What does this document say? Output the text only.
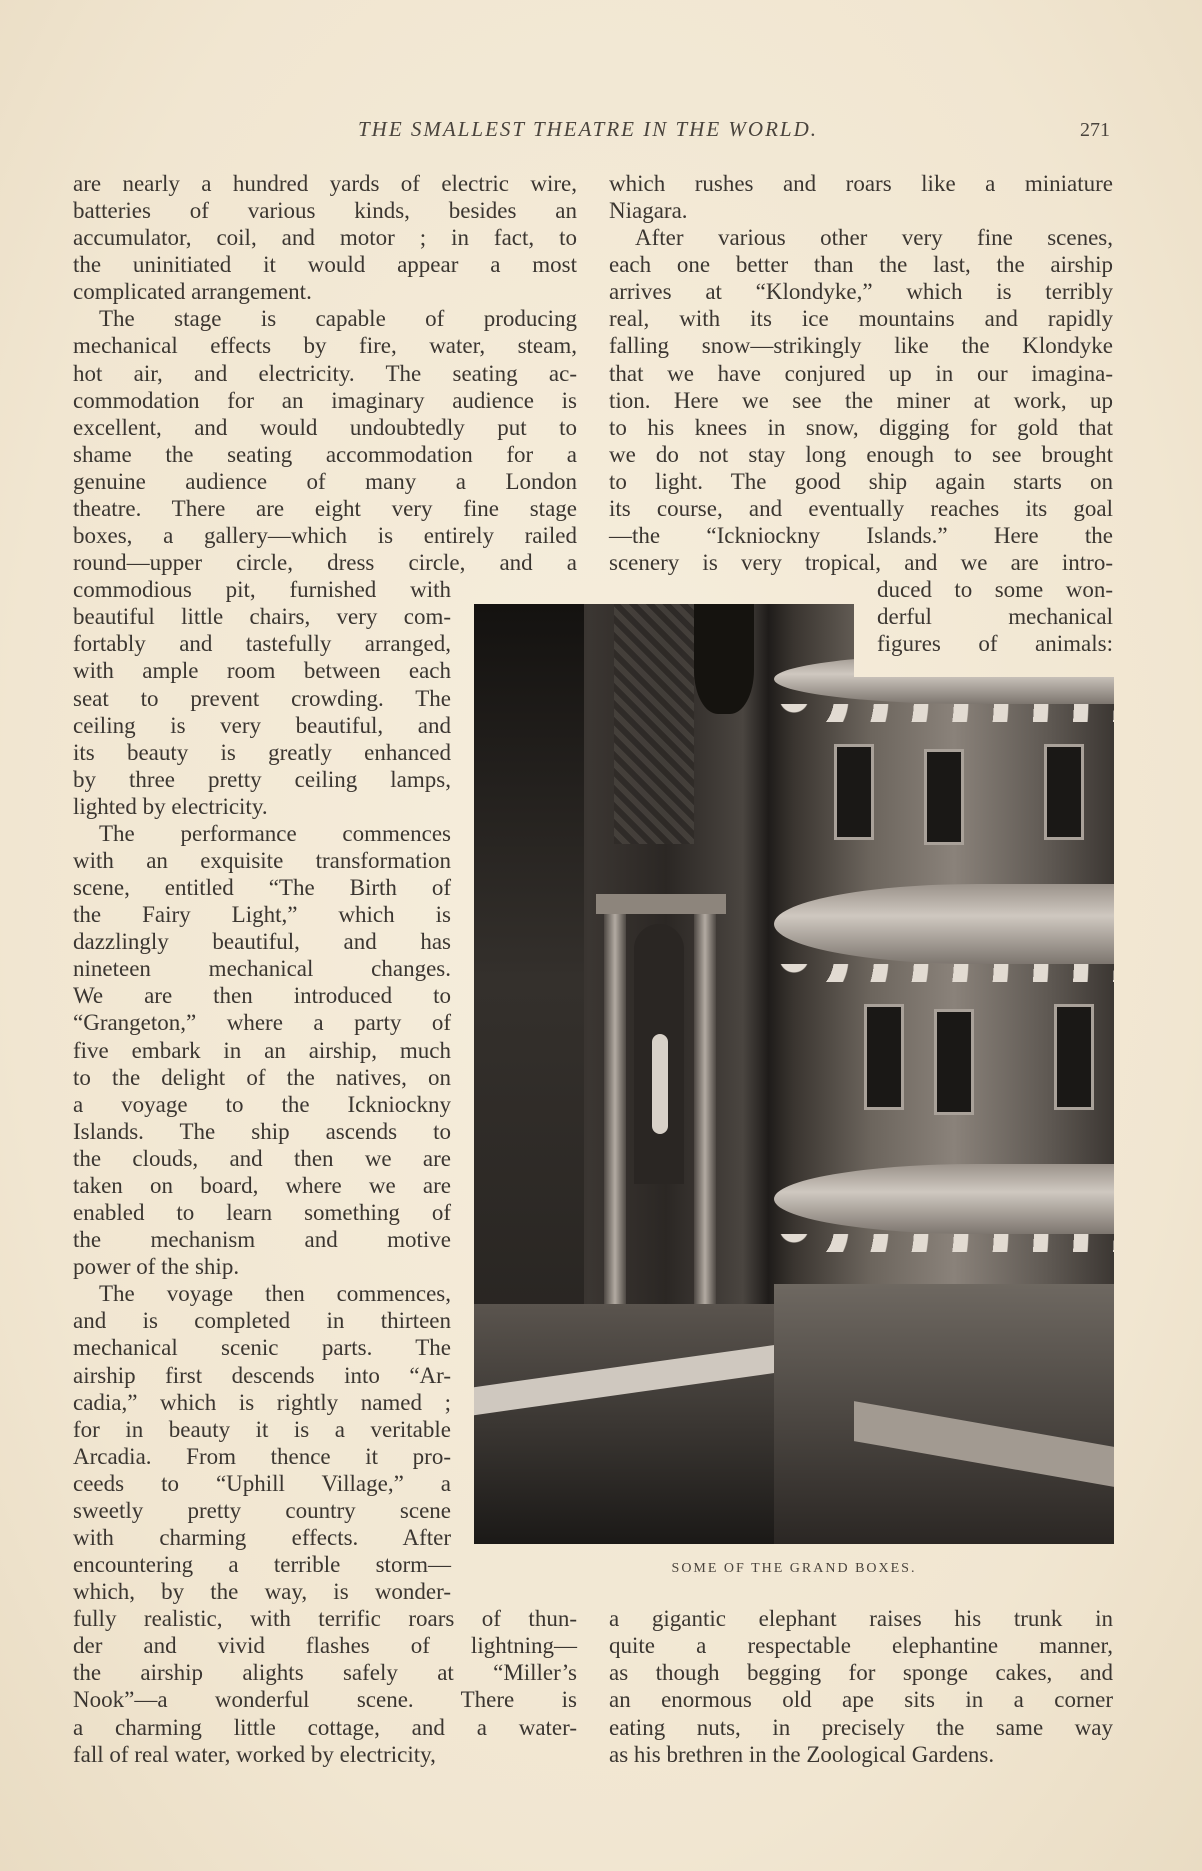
THE SMALLEST THEATRE IN THE WORLD.	271
SOME OF THE GRAND BOXES.
are nearly a hundred yards of electric wire,
batteries of various kinds, besides an
accumulator, coil, and motor ; in fact, to
the uninitiated it would appear a most
complicated arrangement.
The stage is capable of producing
mechanical effects by fire, water, steam,
hot air, and electricity. The seating ac-
commodation for an imaginary audience is
excellent, and would undoubtedly put to
shame the seating accommodation for a
genuine audience of many a London
theatre. There are eight very fine stage
boxes, a gallery—which is entirely railed
round—upper circle, dress circle, and a
commodious pit, furnished with
beautiful little chairs, very com-
fortably and tastefully arranged,
with ample room between each
seat to prevent crowding. The
ceiling is very beautiful, and
its beauty is greatly enhanced
by three pretty ceiling lamps,
lighted by electricity.
The performance commences
with an exquisite transformation
scene, entitled “The Birth of
the Fairy Light,” which is
dazzlingly beautiful, and has
nineteen mechanical changes.
We are then introduced to
“Grangeton,” where a party of
five embark in an airship, much
to the delight of the natives, on
a voyage to the Ickniockny
Islands. The ship ascends to
the clouds, and then we are
taken on board, where we are
enabled to learn something of
the mechanism and motive
power of the ship.
The voyage then commences,
and is completed in thirteen
mechanical scenic parts. The
airship first descends into “Ar-
cadia,” which is rightly named ;
for in beauty it is a veritable
Arcadia. From thence it pro-
ceeds to “Uphill Village,” a
sweetly pretty country scene
with charming effects. After
encountering a terrible storm—
which, by the way, is wonder-
fully realistic, with terrific roars of thun-
der and vivid flashes of lightning—
the airship alights safely at “Miller’s
Nook”—a wonderful scene. There is
a charming little cottage, and a water-
fall of real water, worked by electricity,
which rushes and roars like a miniature
Niagara.
After various other very fine scenes,
each one better than the last, the airship
arrives at “Klondyke,” which is terribly
real, with its ice mountains and rapidly
falling snow—strikingly like the Klondyke
that we have conjured up in our imagina-
tion. Here we see the miner at work, up
to his knees in snow, digging for gold that
we do not stay long enough to see brought
to light. The good ship again starts on
its course, and eventually reaches its goal
—the “Ickniockny Islands.” Here the
scenery is very tropical, and we are intro-
duced to some won-
derful mechanical
figures of animals:
a gigantic elephant raises his trunk in
quite a respectable elephantine manner,
as though begging for sponge cakes, and
an enormous old ape sits in a corner
eating nuts, in precisely the same way
as his brethren in the Zoological Gardens.
